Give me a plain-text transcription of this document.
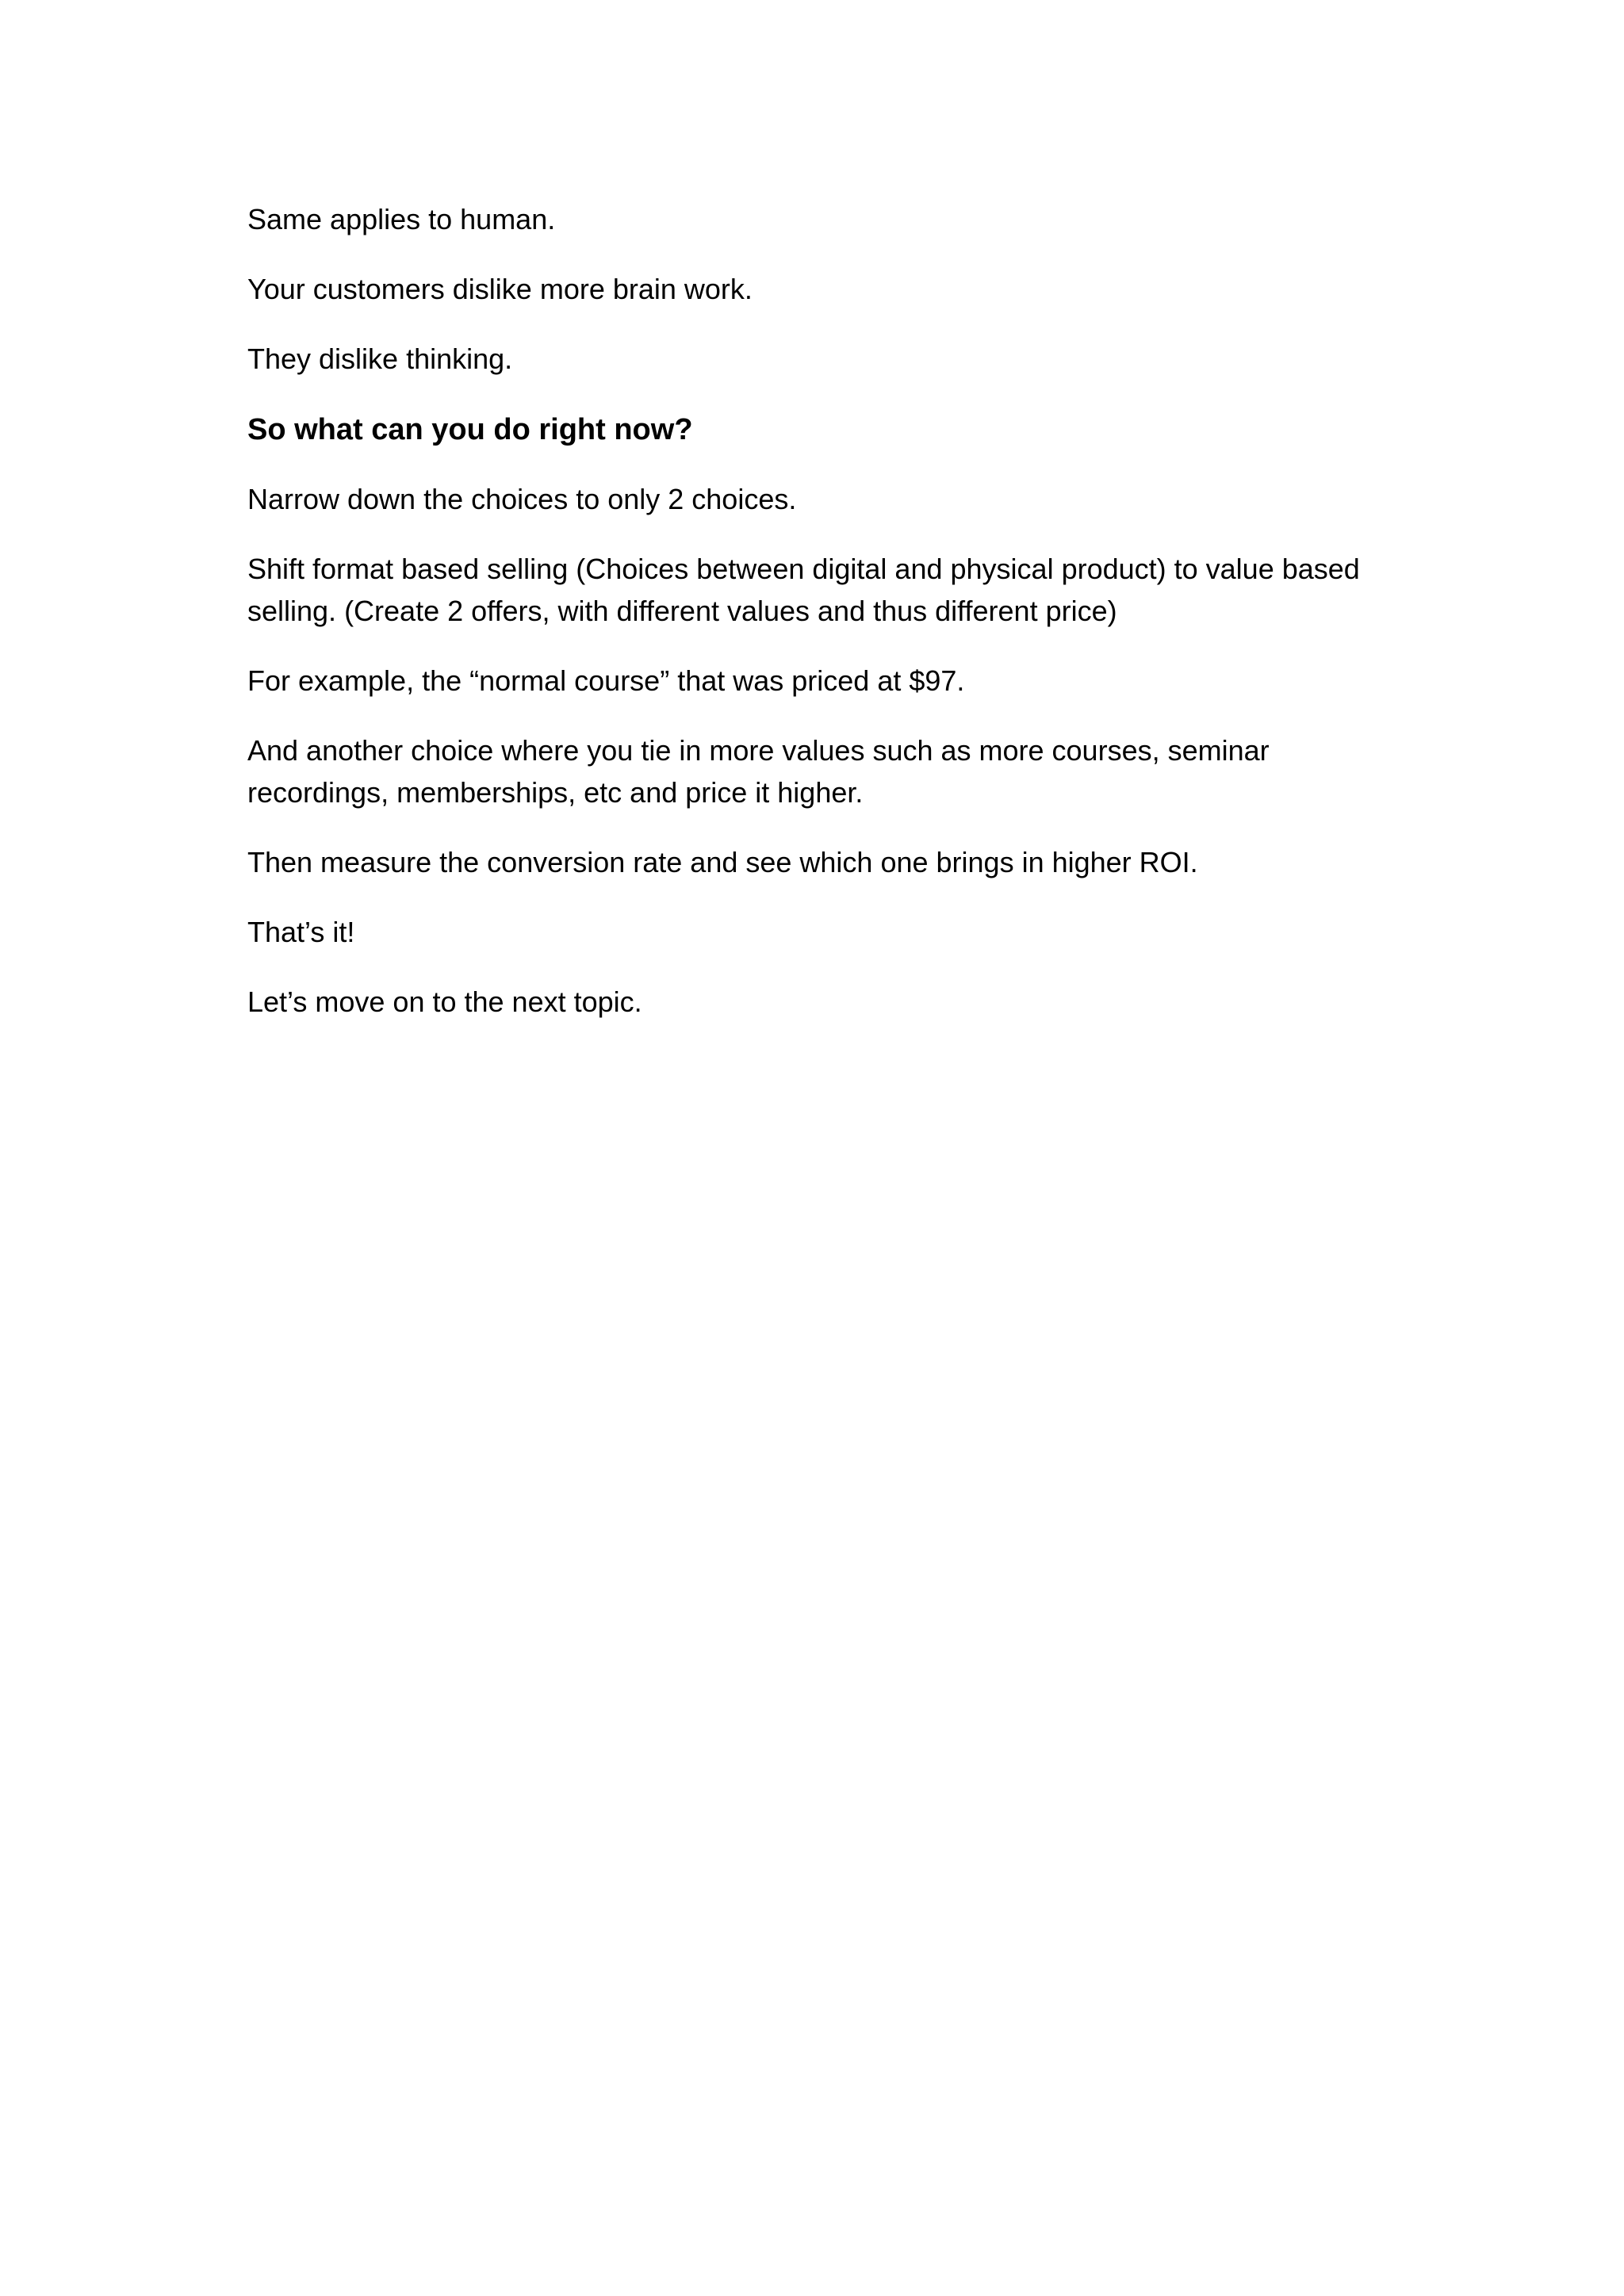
Same applies to human.

Your customers dislike more brain work.

They dislike thinking.

So what can you do right now?

Narrow down the choices to only 2 choices.

Shift format based selling (Choices between digital and physical product) to value based selling. (Create 2 offers, with different values and thus different price)

For example, the “normal course” that was priced at $97.

And another choice where you tie in more values such as more courses, seminar recordings, memberships, etc and price it higher.

Then measure the conversion rate and see which one brings in higher ROI.

That’s it!

Let’s move on to the next topic.
